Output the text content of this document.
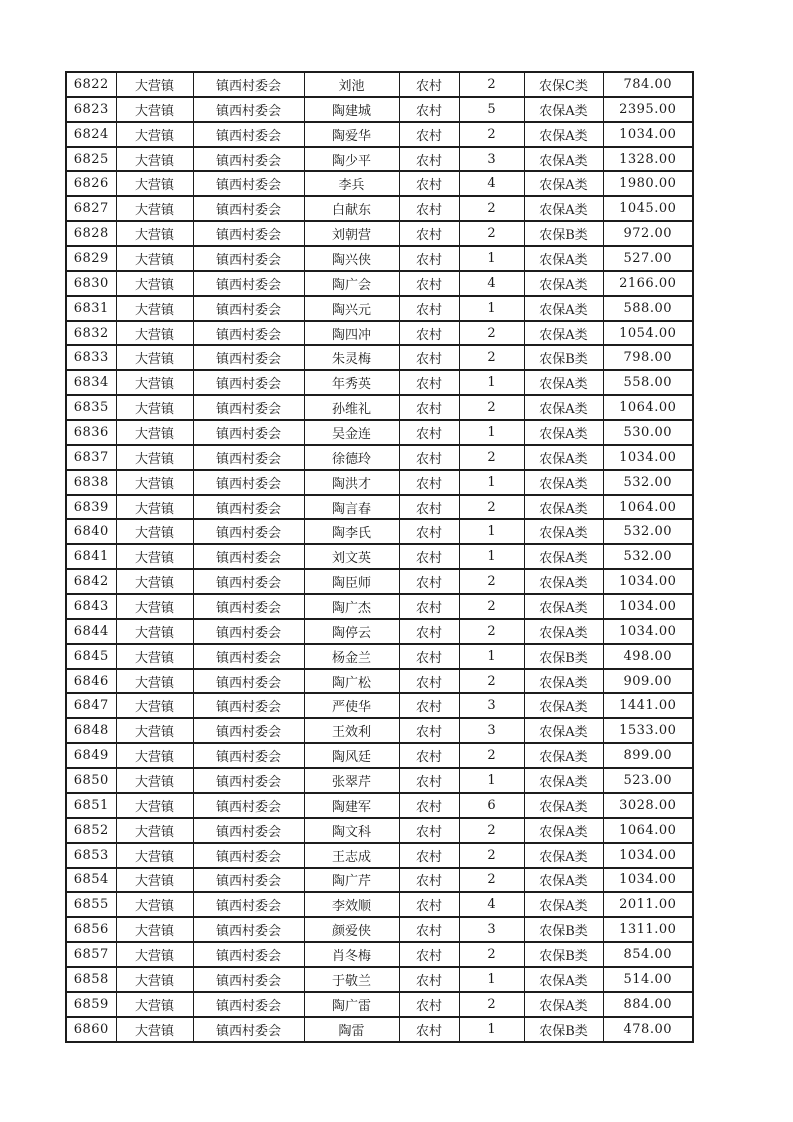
6822	大营镇	镇西村委会	刘池	农村	2	农保C类	784.00
6823	大营镇	镇西村委会	陶建城	农村	5	农保A类	2395.00
6824	大营镇	镇西村委会	陶爱华	农村	2	农保A类	1034.00
6825	大营镇	镇西村委会	陶少平	农村	3	农保A类	1328.00
6826	大营镇	镇西村委会	李兵	农村	4	农保A类	1980.00
6827	大营镇	镇西村委会	白献东	农村	2	农保A类	1045.00
6828	大营镇	镇西村委会	刘朝营	农村	2	农保B类	972.00
6829	大营镇	镇西村委会	陶兴侠	农村	1	农保A类	527.00
6830	大营镇	镇西村委会	陶广会	农村	4	农保A类	2166.00
6831	大营镇	镇西村委会	陶兴元	农村	1	农保A类	588.00
6832	大营镇	镇西村委会	陶四冲	农村	2	农保A类	1054.00
6833	大营镇	镇西村委会	朱灵梅	农村	2	农保B类	798.00
6834	大营镇	镇西村委会	年秀英	农村	1	农保A类	558.00
6835	大营镇	镇西村委会	孙维礼	农村	2	农保A类	1064.00
6836	大营镇	镇西村委会	吴金连	农村	1	农保A类	530.00
6837	大营镇	镇西村委会	徐德玲	农村	2	农保A类	1034.00
6838	大营镇	镇西村委会	陶洪才	农村	1	农保A类	532.00
6839	大营镇	镇西村委会	陶言春	农村	2	农保A类	1064.00
6840	大营镇	镇西村委会	陶李氏	农村	1	农保A类	532.00
6841	大营镇	镇西村委会	刘文英	农村	1	农保A类	532.00
6842	大营镇	镇西村委会	陶臣师	农村	2	农保A类	1034.00
6843	大营镇	镇西村委会	陶广杰	农村	2	农保A类	1034.00
6844	大营镇	镇西村委会	陶停云	农村	2	农保A类	1034.00
6845	大营镇	镇西村委会	杨金兰	农村	1	农保B类	498.00
6846	大营镇	镇西村委会	陶广松	农村	2	农保A类	909.00
6847	大营镇	镇西村委会	严使华	农村	3	农保A类	1441.00
6848	大营镇	镇西村委会	王效利	农村	3	农保A类	1533.00
6849	大营镇	镇西村委会	陶风廷	农村	2	农保A类	899.00
6850	大营镇	镇西村委会	张翠芹	农村	1	农保A类	523.00
6851	大营镇	镇西村委会	陶建军	农村	6	农保A类	3028.00
6852	大营镇	镇西村委会	陶文科	农村	2	农保A类	1064.00
6853	大营镇	镇西村委会	王志成	农村	2	农保A类	1034.00
6854	大营镇	镇西村委会	陶广芹	农村	2	农保A类	1034.00
6855	大营镇	镇西村委会	李效顺	农村	4	农保A类	2011.00
6856	大营镇	镇西村委会	颜爱侠	农村	3	农保B类	1311.00
6857	大营镇	镇西村委会	肖冬梅	农村	2	农保B类	854.00
6858	大营镇	镇西村委会	于敬兰	农村	1	农保A类	514.00
6859	大营镇	镇西村委会	陶广雷	农村	2	农保A类	884.00
6860	大营镇	镇西村委会	陶雷	农村	1	农保B类	478.00
